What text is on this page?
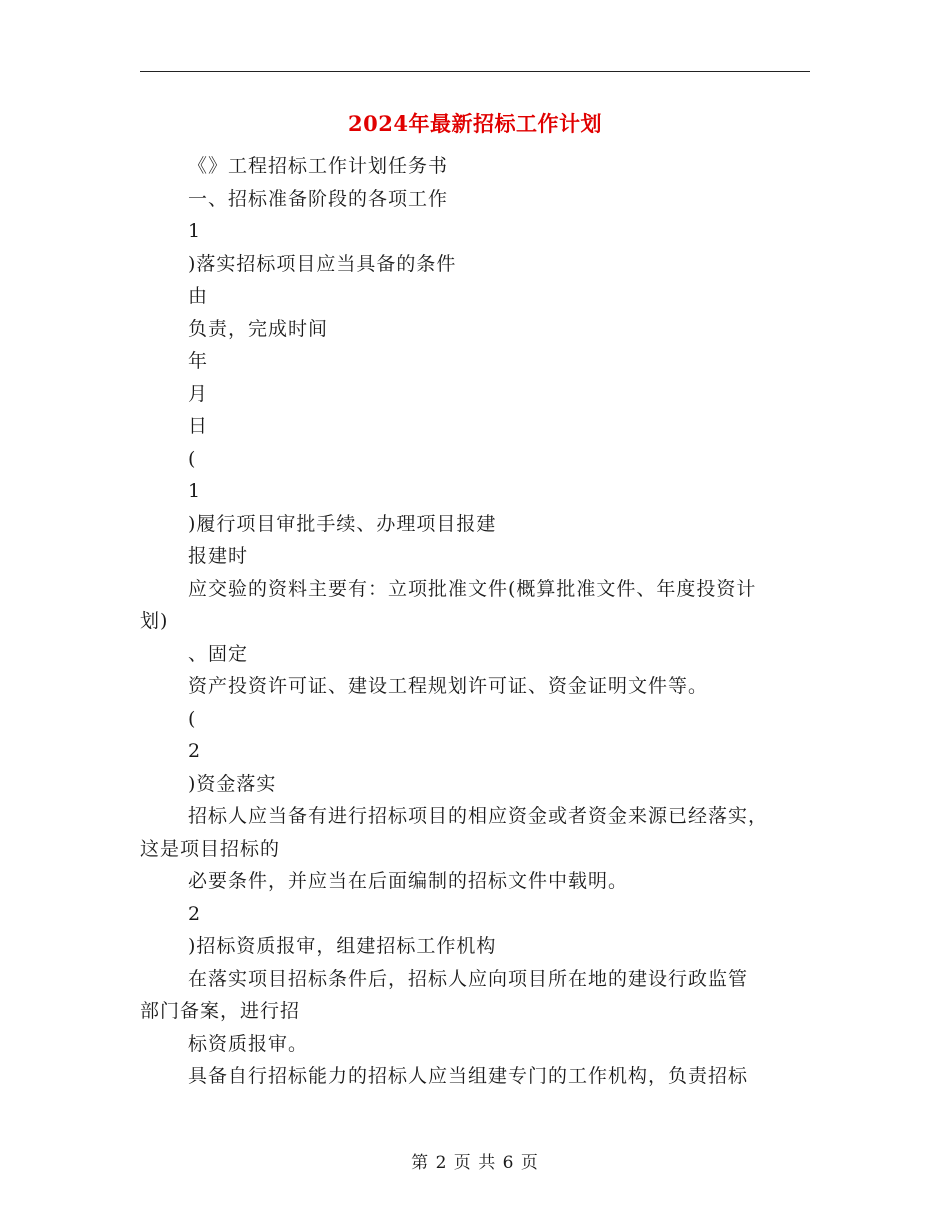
2024年最新招标工作计划
《》工程招标工作计划任务书
一、招标准备阶段的各项工作
1
)落实招标项目应当具备的条件
由
负责，完成时间
年
月
日
(
1
)履行项目审批手续、办理项目报建
报建时
应交验的资料主要有：立项批准文件(概算批准文件、年度投资计
划)
、固定
资产投资许可证、建设工程规划许可证、资金证明文件等。
(
2
)资金落实
招标人应当备有进行招标项目的相应资金或者资金来源已经落实，
这是项目招标的
必要条件，并应当在后面编制的招标文件中载明。
2
)招标资质报审，组建招标工作机构
在落实项目招标条件后，招标人应向项目所在地的建设行政监管
部门备案，进行招
标资质报审。
具备自行招标能力的招标人应当组建专门的工作机构，负责招标
第 2 页 共 6 页
